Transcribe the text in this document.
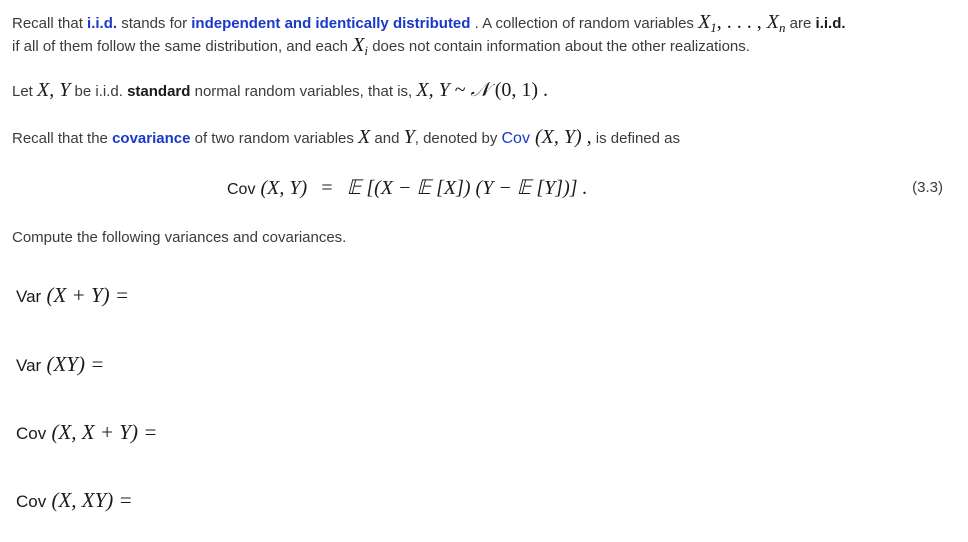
Recall that i.i.d. stands for independent and identically distributed . A collection of random variables $X_1$, . . . , $X_n$ are i.i.d.
if all of them follow the same distribution, and each $X_i$ does not contain information about the other realizations.
Let X, Y be i.i.d. standard normal random variables, that is, X, Y ~ 𝒩 (0, 1) .
Recall that the covariance of two random variables X and Y, denoted by Cov (X, Y) , is defined as
Cov (X, Y) = 𝔼 [(X − 𝔼 [X]) (Y − 𝔼 [Y])] .	(3.3)
Compute the following variances and covariances.
Var (X + Y) =
Var (XY) =
Cov (X, X + Y) =
Cov (X, XY) =
